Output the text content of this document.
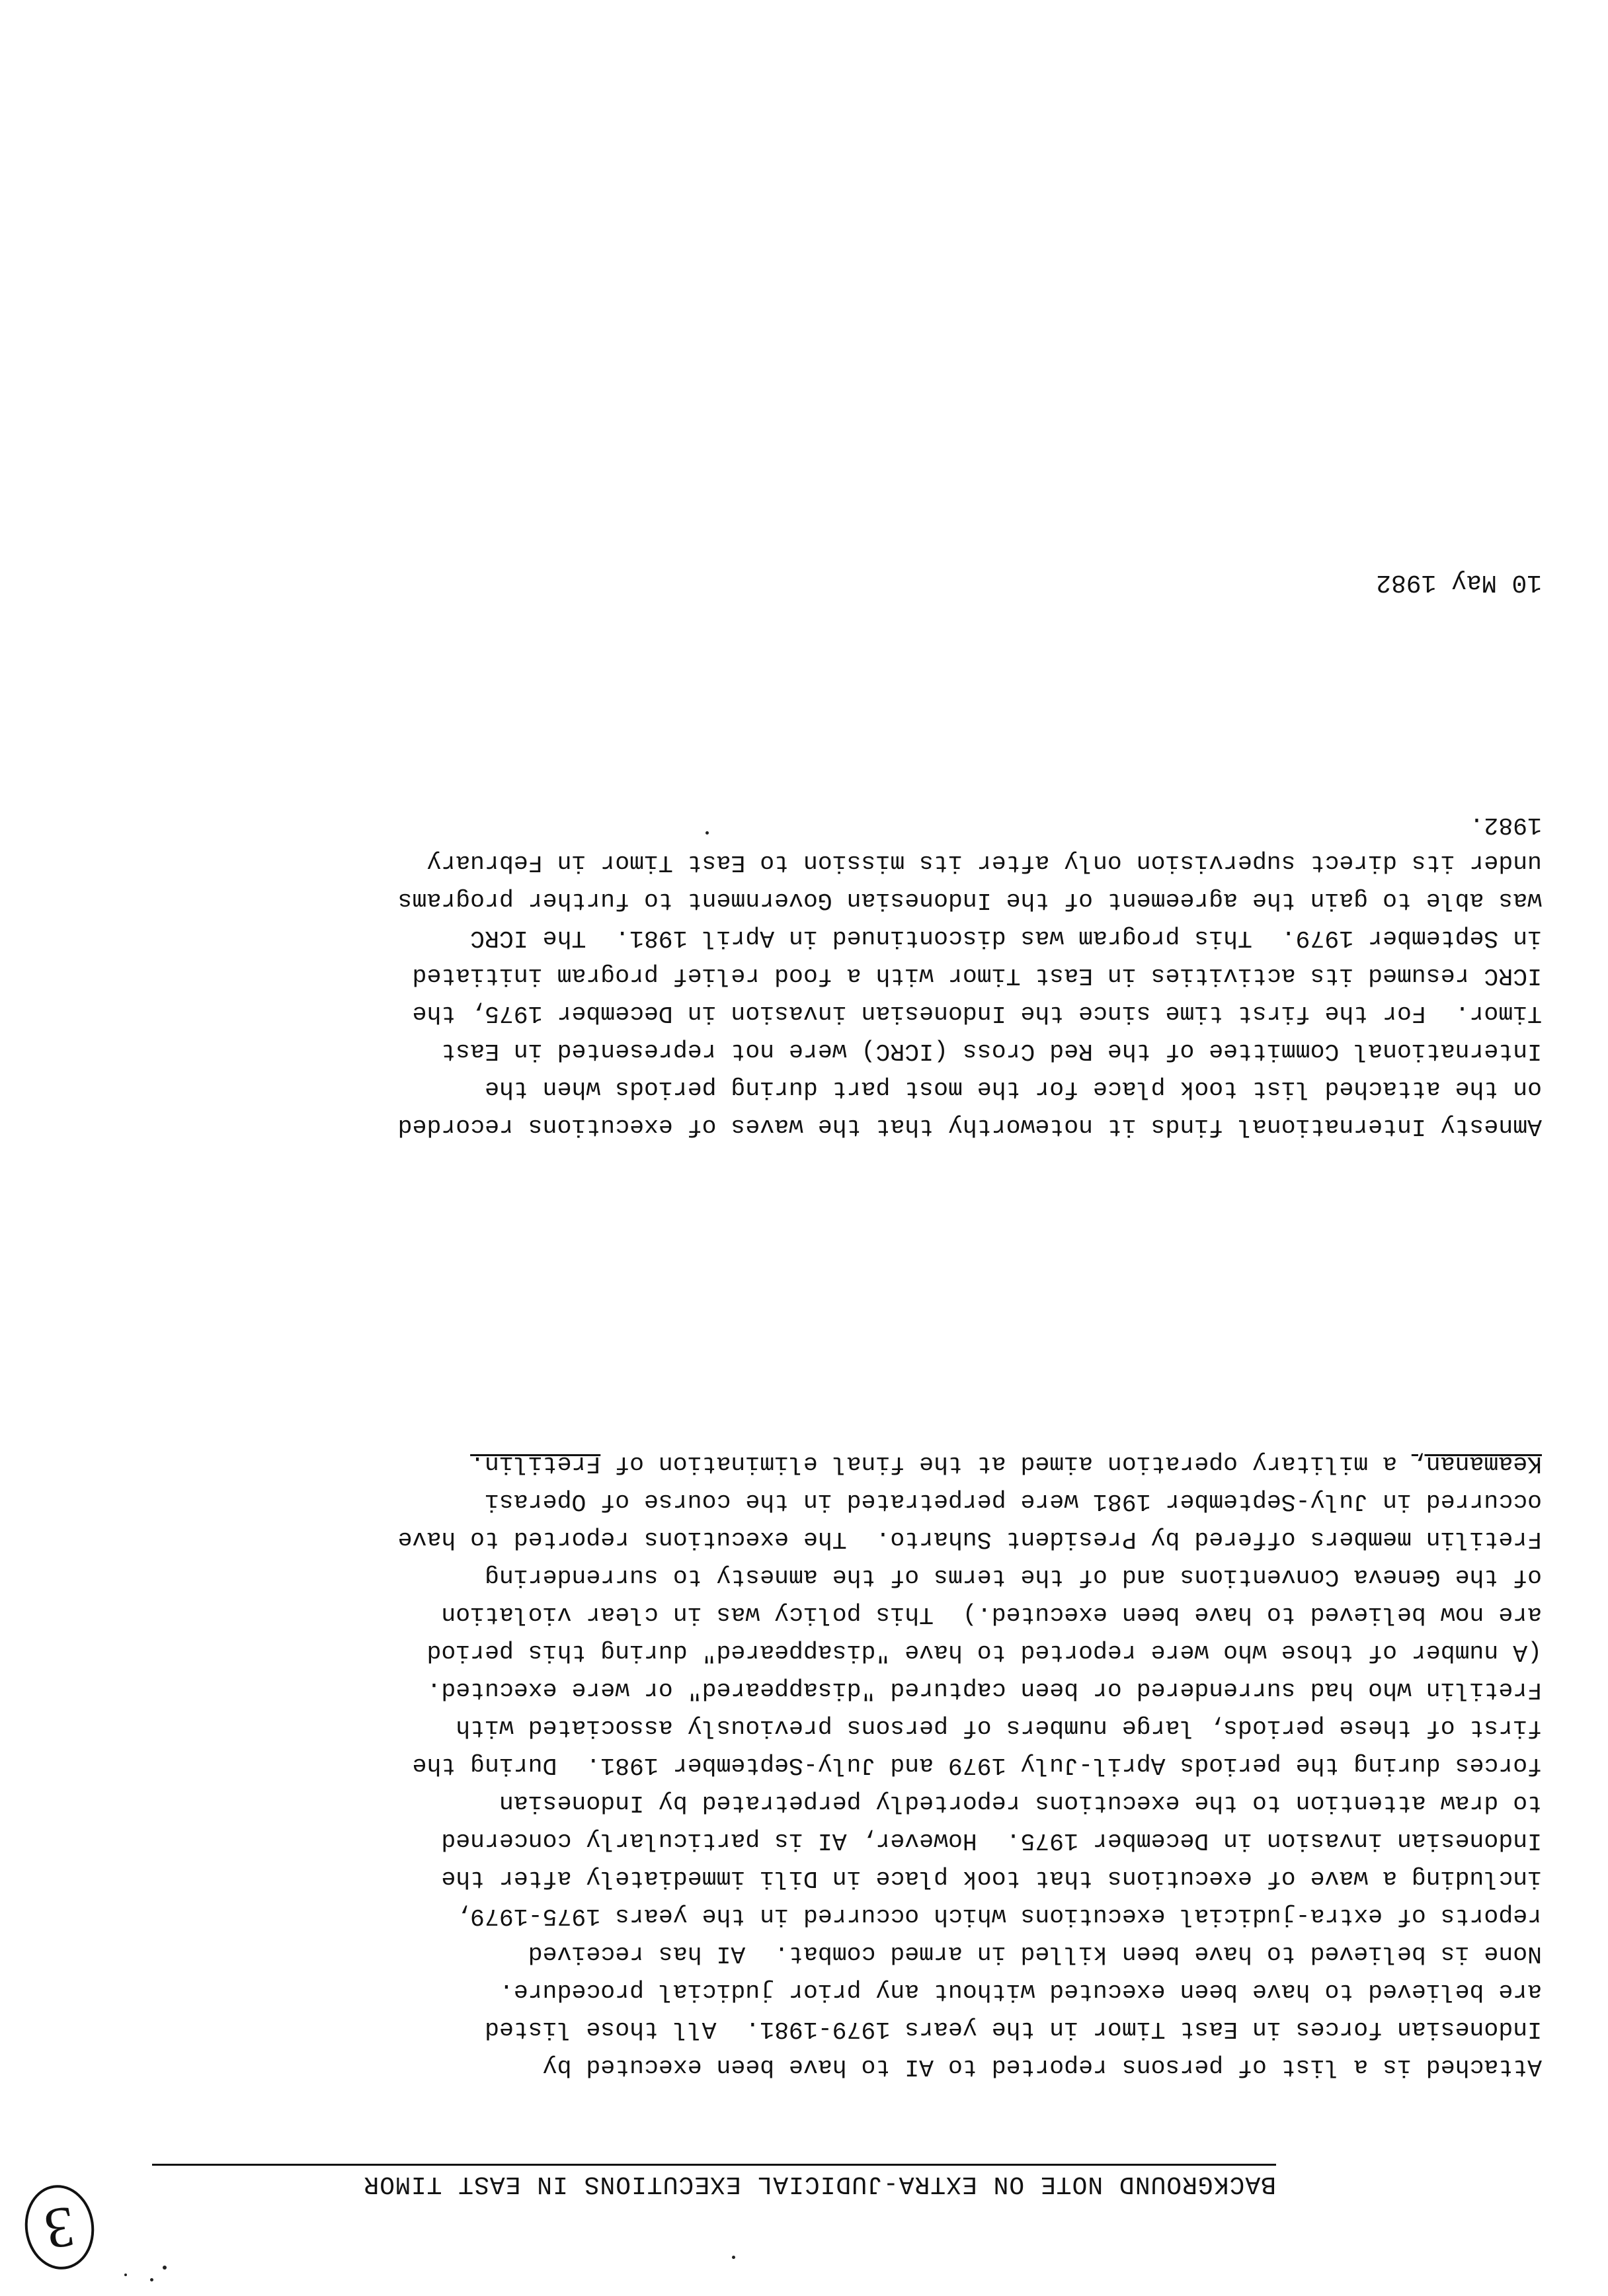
3
BACKGROUND NOTE ON EXTRA-JUDICIAL EXECUTIONS IN EAST TIMOR
Attached is a list of persons reported to AI to have been executed by
Indonesian forces in East Timor in the years 1979-1981.  All those listed
are believed to have been executed without any prior judicial procedure.
None is believed to have been killed in armed combat.  AI has received
reports of extra-judicial executions which occurred in the years 1975-1979,
including a wave of executions that took place in Dili immediately after the
Indonesian invasion in December 1975.  However, AI is particularly concerned
to draw attention to the executions reportedly perpetrated by Indonesian
forces during the periods April-July 1979 and July-September 1981.  During the
first of these periods, large numbers of persons previously associated with
Fretilin who had surrendered or been captured "disappeared" or were executed.
(A number of those who were reported to have "disappeared" during this period
are now believed to have been executed.)  This policy was in clear violation
of the Geneva Conventions and of the terms of the amnesty to surrendering
Fretilin members offered by President Suharto.  The executions reported to have
occurred in July-September 1981 were perpetrated in the course of Operasi
Keamanan, a military operation aimed at the final elimination of Fretilin.
Amnesty International finds it noteworthy that the waves of executions recorded
on the attached list took place for the most part during periods when the
International Committee of the Red Cross (ICRC) were not represented in East
Timor.  For the first time since the Indonesian invasion in December 1975, the
ICRC resumed its activities in East Timor with a food relief program initiated
in September 1979.  This program was discontinued in April 1981.  The ICRC
was able to gain the agreement of the Indonesian Government to further programs
under its direct supervision only after its mission to East Timor in February
1982.
10 May 1982
